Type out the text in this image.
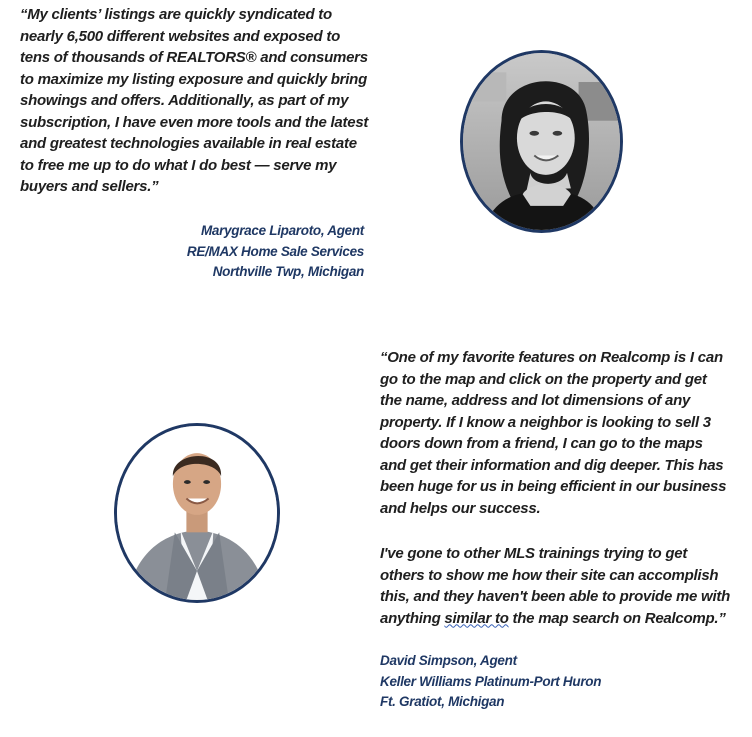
“My clients’ listings are quickly syndicated to
nearly 6,500 different websites and exposed to
tens of thousands of REALTORS® and consumers
to maximize my listing exposure and quickly bring
showings and offers. Additionally, as part of my
subscription, I have even more tools and the latest
and greatest technologies available in real estate
to free me up to do what I do best — serve my
buyers and sellers.”

Marygrace Liparoto, Agent
RE/MAX Home Sale Services
Northville Twp, Michigan

“One of my favorite features on Realcomp is I can
go to the map and click on the property and get
the name, address and lot dimensions of any
property. If I know a neighbor is looking to sell 3
doors down from a friend, I can go to the maps
and get their information and dig deeper. This has
been huge for us in being efficient in our business
and helps our success.

I've gone to other MLS trainings trying to get
others to show me how their site can accomplish
this, and they haven't been able to provide me with
anything similar to the map search on Realcomp.”

David Simpson, Agent
Keller Williams Platinum-Port Huron
Ft. Gratiot, Michigan
